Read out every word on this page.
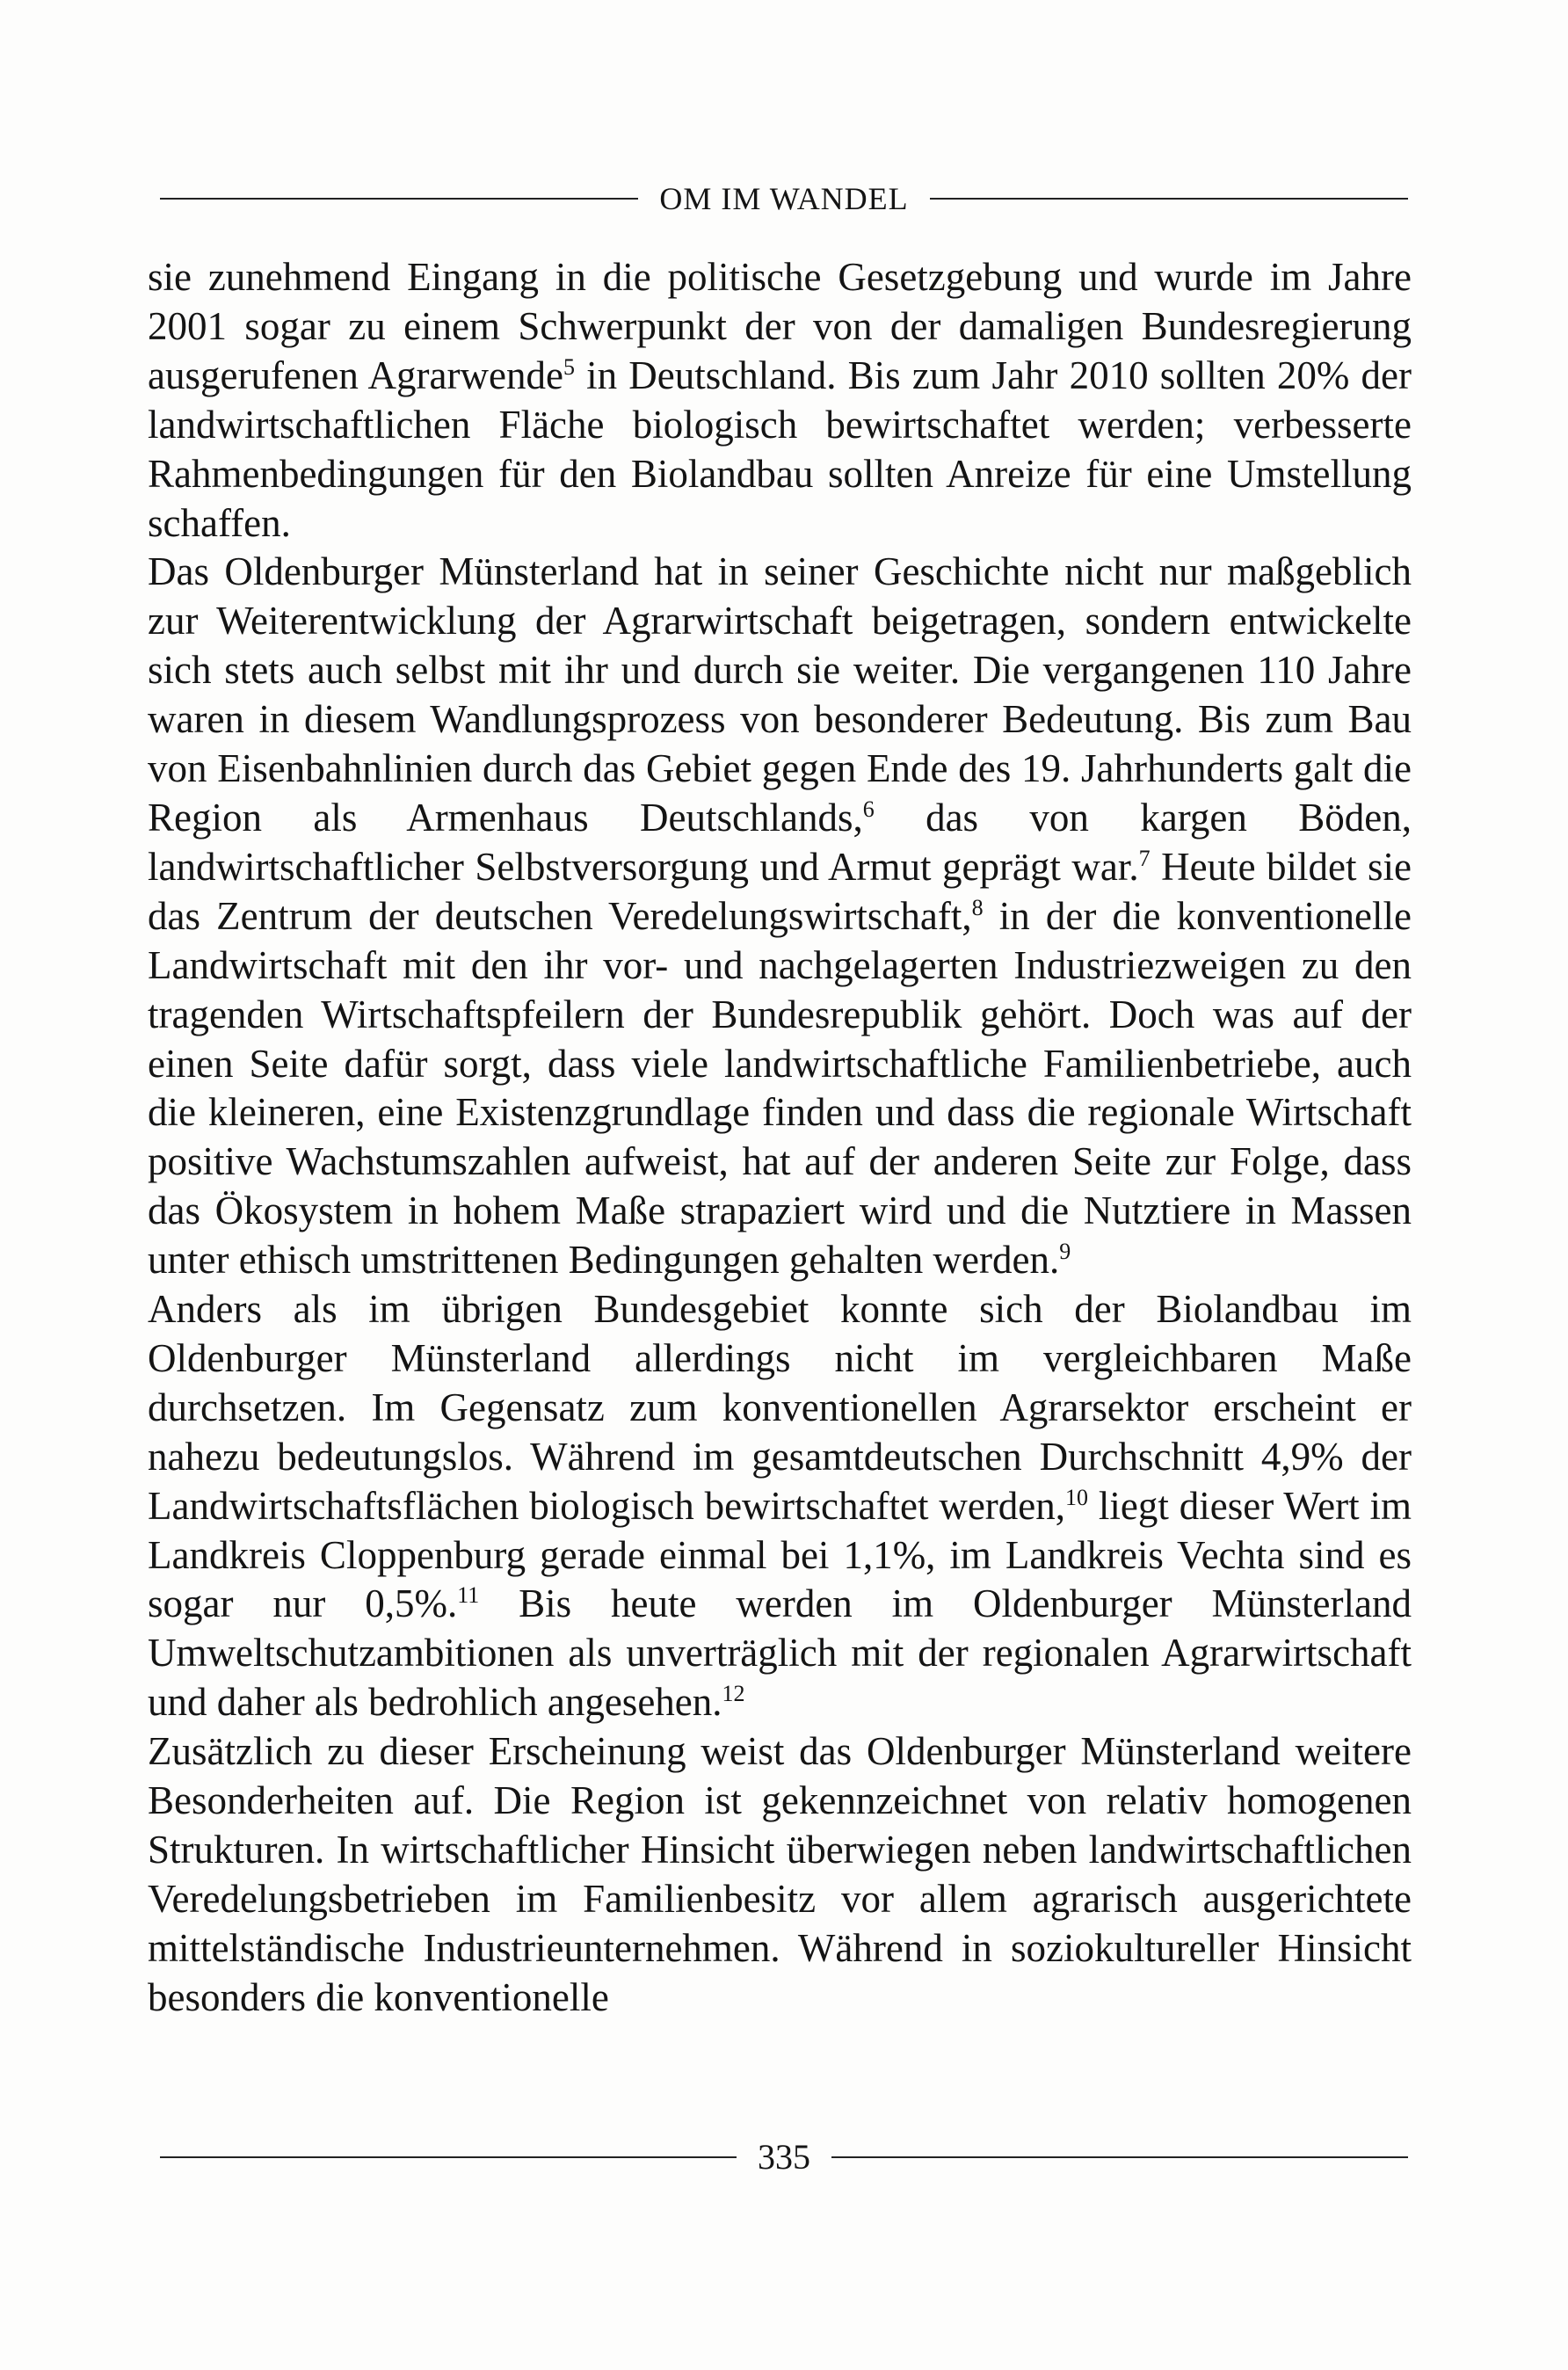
OM IM WANDEL

sie zunehmend Eingang in die politische Gesetzgebung und wurde im Jahre 2001 sogar zu einem Schwerpunkt der von der damaligen Bundesregierung ausgerufenen Agrarwende$^5$ in Deutschland. Bis zum Jahr 2010 sollten 20% der landwirtschaftlichen Fläche biologisch bewirtschaftet werden; verbesserte Rahmenbedingungen für den Biolandbau sollten Anreize für eine Umstellung schaffen.

Das Oldenburger Münsterland hat in seiner Geschichte nicht nur maßgeblich zur Weiterentwicklung der Agrarwirtschaft beigetragen, sondern entwickelte sich stets auch selbst mit ihr und durch sie weiter. Die vergangenen 110 Jahre waren in diesem Wandlungsprozess von besonderer Bedeutung. Bis zum Bau von Eisenbahnlinien durch das Gebiet gegen Ende des 19. Jahrhunderts galt die Region als Armenhaus Deutschlands,$^6$ das von kargen Böden, landwirtschaftlicher Selbstversorgung und Armut geprägt war.$^7$ Heute bildet sie das Zentrum der deutschen Veredelungswirtschaft,$^8$ in der die konventionelle Landwirtschaft mit den ihr vor- und nachgelagerten Industriezweigen zu den tragenden Wirtschaftspfeilern der Bundesrepublik gehört. Doch was auf der einen Seite dafür sorgt, dass viele landwirtschaftliche Familienbetriebe, auch die kleineren, eine Existenzgrundlage finden und dass die regionale Wirtschaft positive Wachstumszahlen aufweist, hat auf der anderen Seite zur Folge, dass das Ökosystem in hohem Maße strapaziert wird und die Nutztiere in Massen unter ethisch umstrittenen Bedingungen gehalten werden.$^9$

Anders als im übrigen Bundesgebiet konnte sich der Biolandbau im Oldenburger Münsterland allerdings nicht im vergleichbaren Maße durchsetzen. Im Gegensatz zum konventionellen Agrarsektor erscheint er nahezu bedeutungslos. Während im gesamtdeutschen Durchschnitt 4,9% der Landwirtschaftsflächen biologisch bewirtschaftet werden,$^{10}$ liegt dieser Wert im Landkreis Cloppenburg gerade einmal bei 1,1%, im Landkreis Vechta sind es sogar nur 0,5%.$^{11}$ Bis heute werden im Oldenburger Münsterland Umweltschutzambitionen als unverträglich mit der regionalen Agrarwirtschaft und daher als bedrohlich angesehen.$^{12}$

Zusätzlich zu dieser Erscheinung weist das Oldenburger Münsterland weitere Besonderheiten auf. Die Region ist gekennzeichnet von relativ homogenen Strukturen. In wirtschaftlicher Hinsicht überwiegen neben landwirtschaftlichen Veredelungsbetrieben im Familienbesitz vor allem agrarisch ausgerichtete mittelständische Industrieunternehmen. Während in soziokultureller Hinsicht besonders die konventionelle

335
